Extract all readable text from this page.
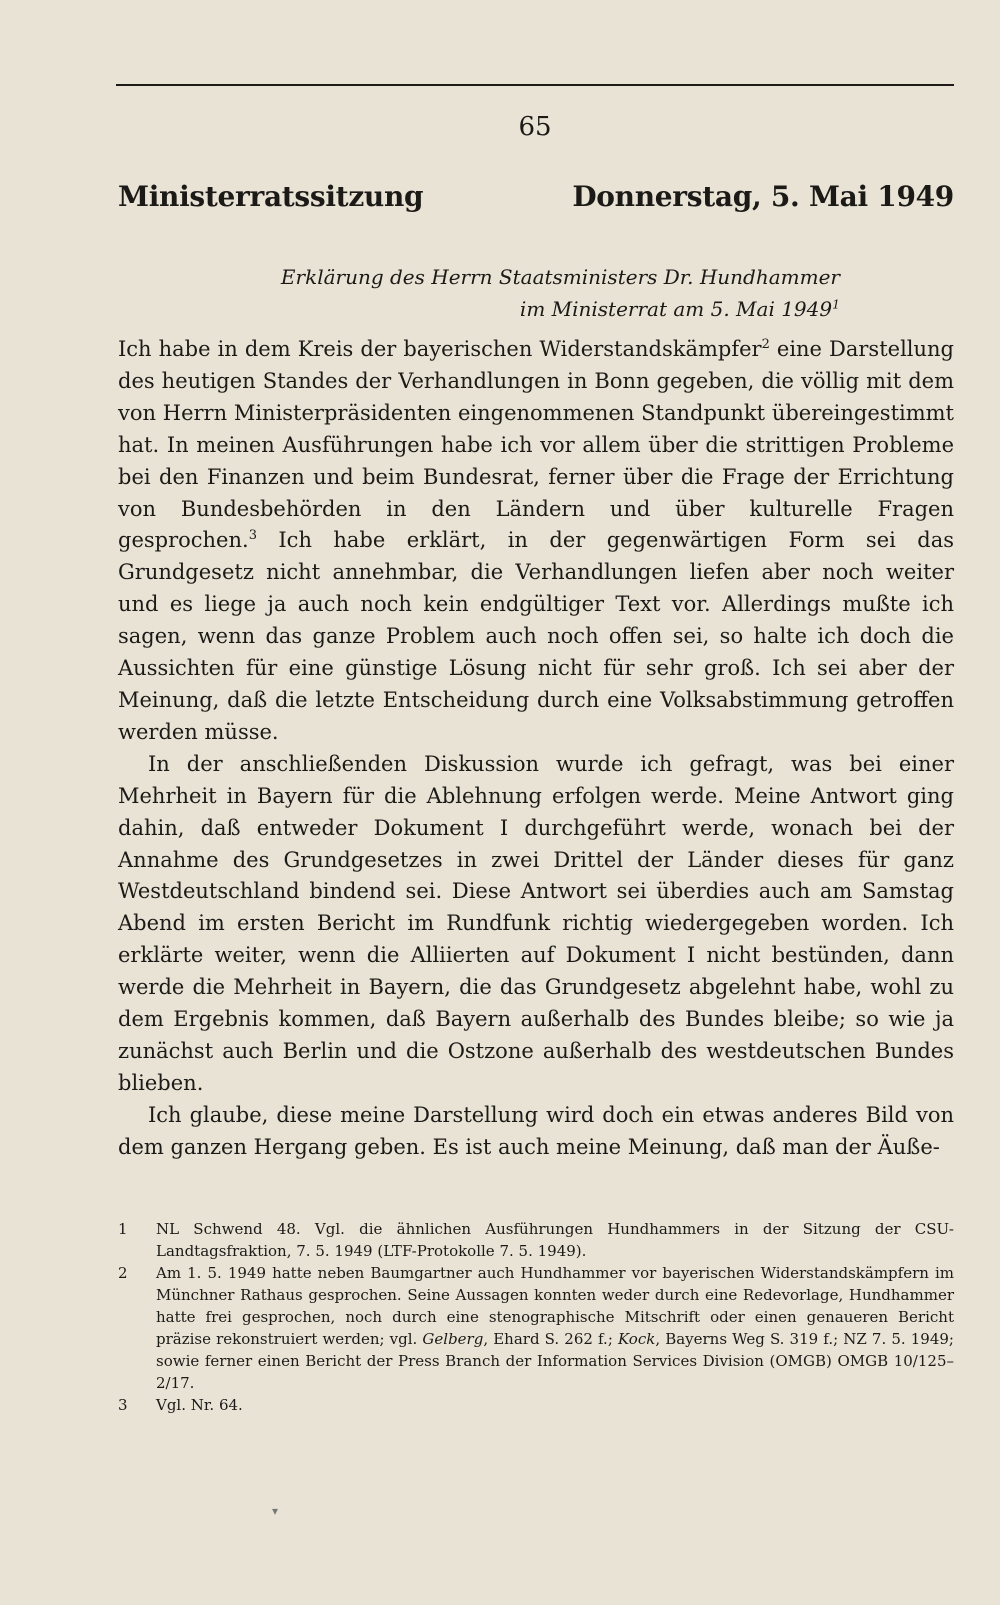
65
Ministerratssitzung	Donnerstag, 5. Mai 1949
Erklärung des Herrn Staatsministers Dr. Hundhammer
im Ministerrat am 5. Mai 1949$^1$

Ich habe in dem Kreis der bayerischen Widerstandskämpfer$^2$ eine Darstellung des heutigen Standes der Verhandlungen in Bonn gegeben, die völlig mit dem von Herrn Ministerpräsidenten eingenommenen Standpunkt übereingestimmt hat. In meinen Ausführungen habe ich vor allem über die strittigen Probleme bei den Finanzen und beim Bundesrat, ferner über die Frage der Errichtung von Bundesbehörden in den Ländern und über kulturelle Fragen gesprochen.$^3$ Ich habe erklärt, in der gegenwärtigen Form sei das Grundgesetz nicht annehmbar, die Verhandlungen liefen aber noch weiter und es liege ja auch noch kein endgültiger Text vor. Allerdings mußte ich sagen, wenn das ganze Problem auch noch offen sei, so halte ich doch die Aussichten für eine günstige Lösung nicht für sehr groß. Ich sei aber der Meinung, daß die letzte Entscheidung durch eine Volksabstimmung getroffen werden müsse.

In der anschließenden Diskussion wurde ich gefragt, was bei einer Mehrheit in Bayern für die Ablehnung erfolgen werde. Meine Antwort ging dahin, daß entweder Dokument I durchgeführt werde, wonach bei der Annahme des Grundgesetzes in zwei Drittel der Länder dieses für ganz Westdeutschland bindend sei. Diese Antwort sei überdies auch am Samstag Abend im ersten Bericht im Rundfunk richtig wiedergegeben worden. Ich erklärte weiter, wenn die Alliierten auf Dokument I nicht bestünden, dann werde die Mehrheit in Bayern, die das Grundgesetz abgelehnt habe, wohl zu dem Ergebnis kommen, daß Bayern außerhalb des Bundes bleibe; so wie ja zunächst auch Berlin und die Ostzone außerhalb des westdeutschen Bundes blieben.

Ich glaube, diese meine Darstellung wird doch ein etwas anderes Bild von dem ganzen Hergang geben. Es ist auch meine Meinung, daß man der Äuße-

1	NL Schwend 48. Vgl. die ähnlichen Ausführungen Hundhammers in der Sitzung der CSU-Landtagsfraktion, 7. 5. 1949 (LTF-Protokolle 7. 5. 1949).
2	Am 1. 5. 1949 hatte neben Baumgartner auch Hundhammer vor bayerischen Widerstandskämpfern im Münchner Rathaus gesprochen. Seine Aussagen konnten weder durch eine Redevorlage, Hundhammer hatte frei gesprochen, noch durch eine stenographische Mitschrift oder einen genaueren Bericht präzise rekonstruiert werden; vgl. Gelberg, Ehard S. 262 f.; Kock, Bayerns Weg S. 319 f.; NZ 7. 5. 1949; sowie ferner einen Bericht der Press Branch der Information Services Division (OMGB) OMGB 10/125–2/17.
3	Vgl. Nr. 64.
▾
